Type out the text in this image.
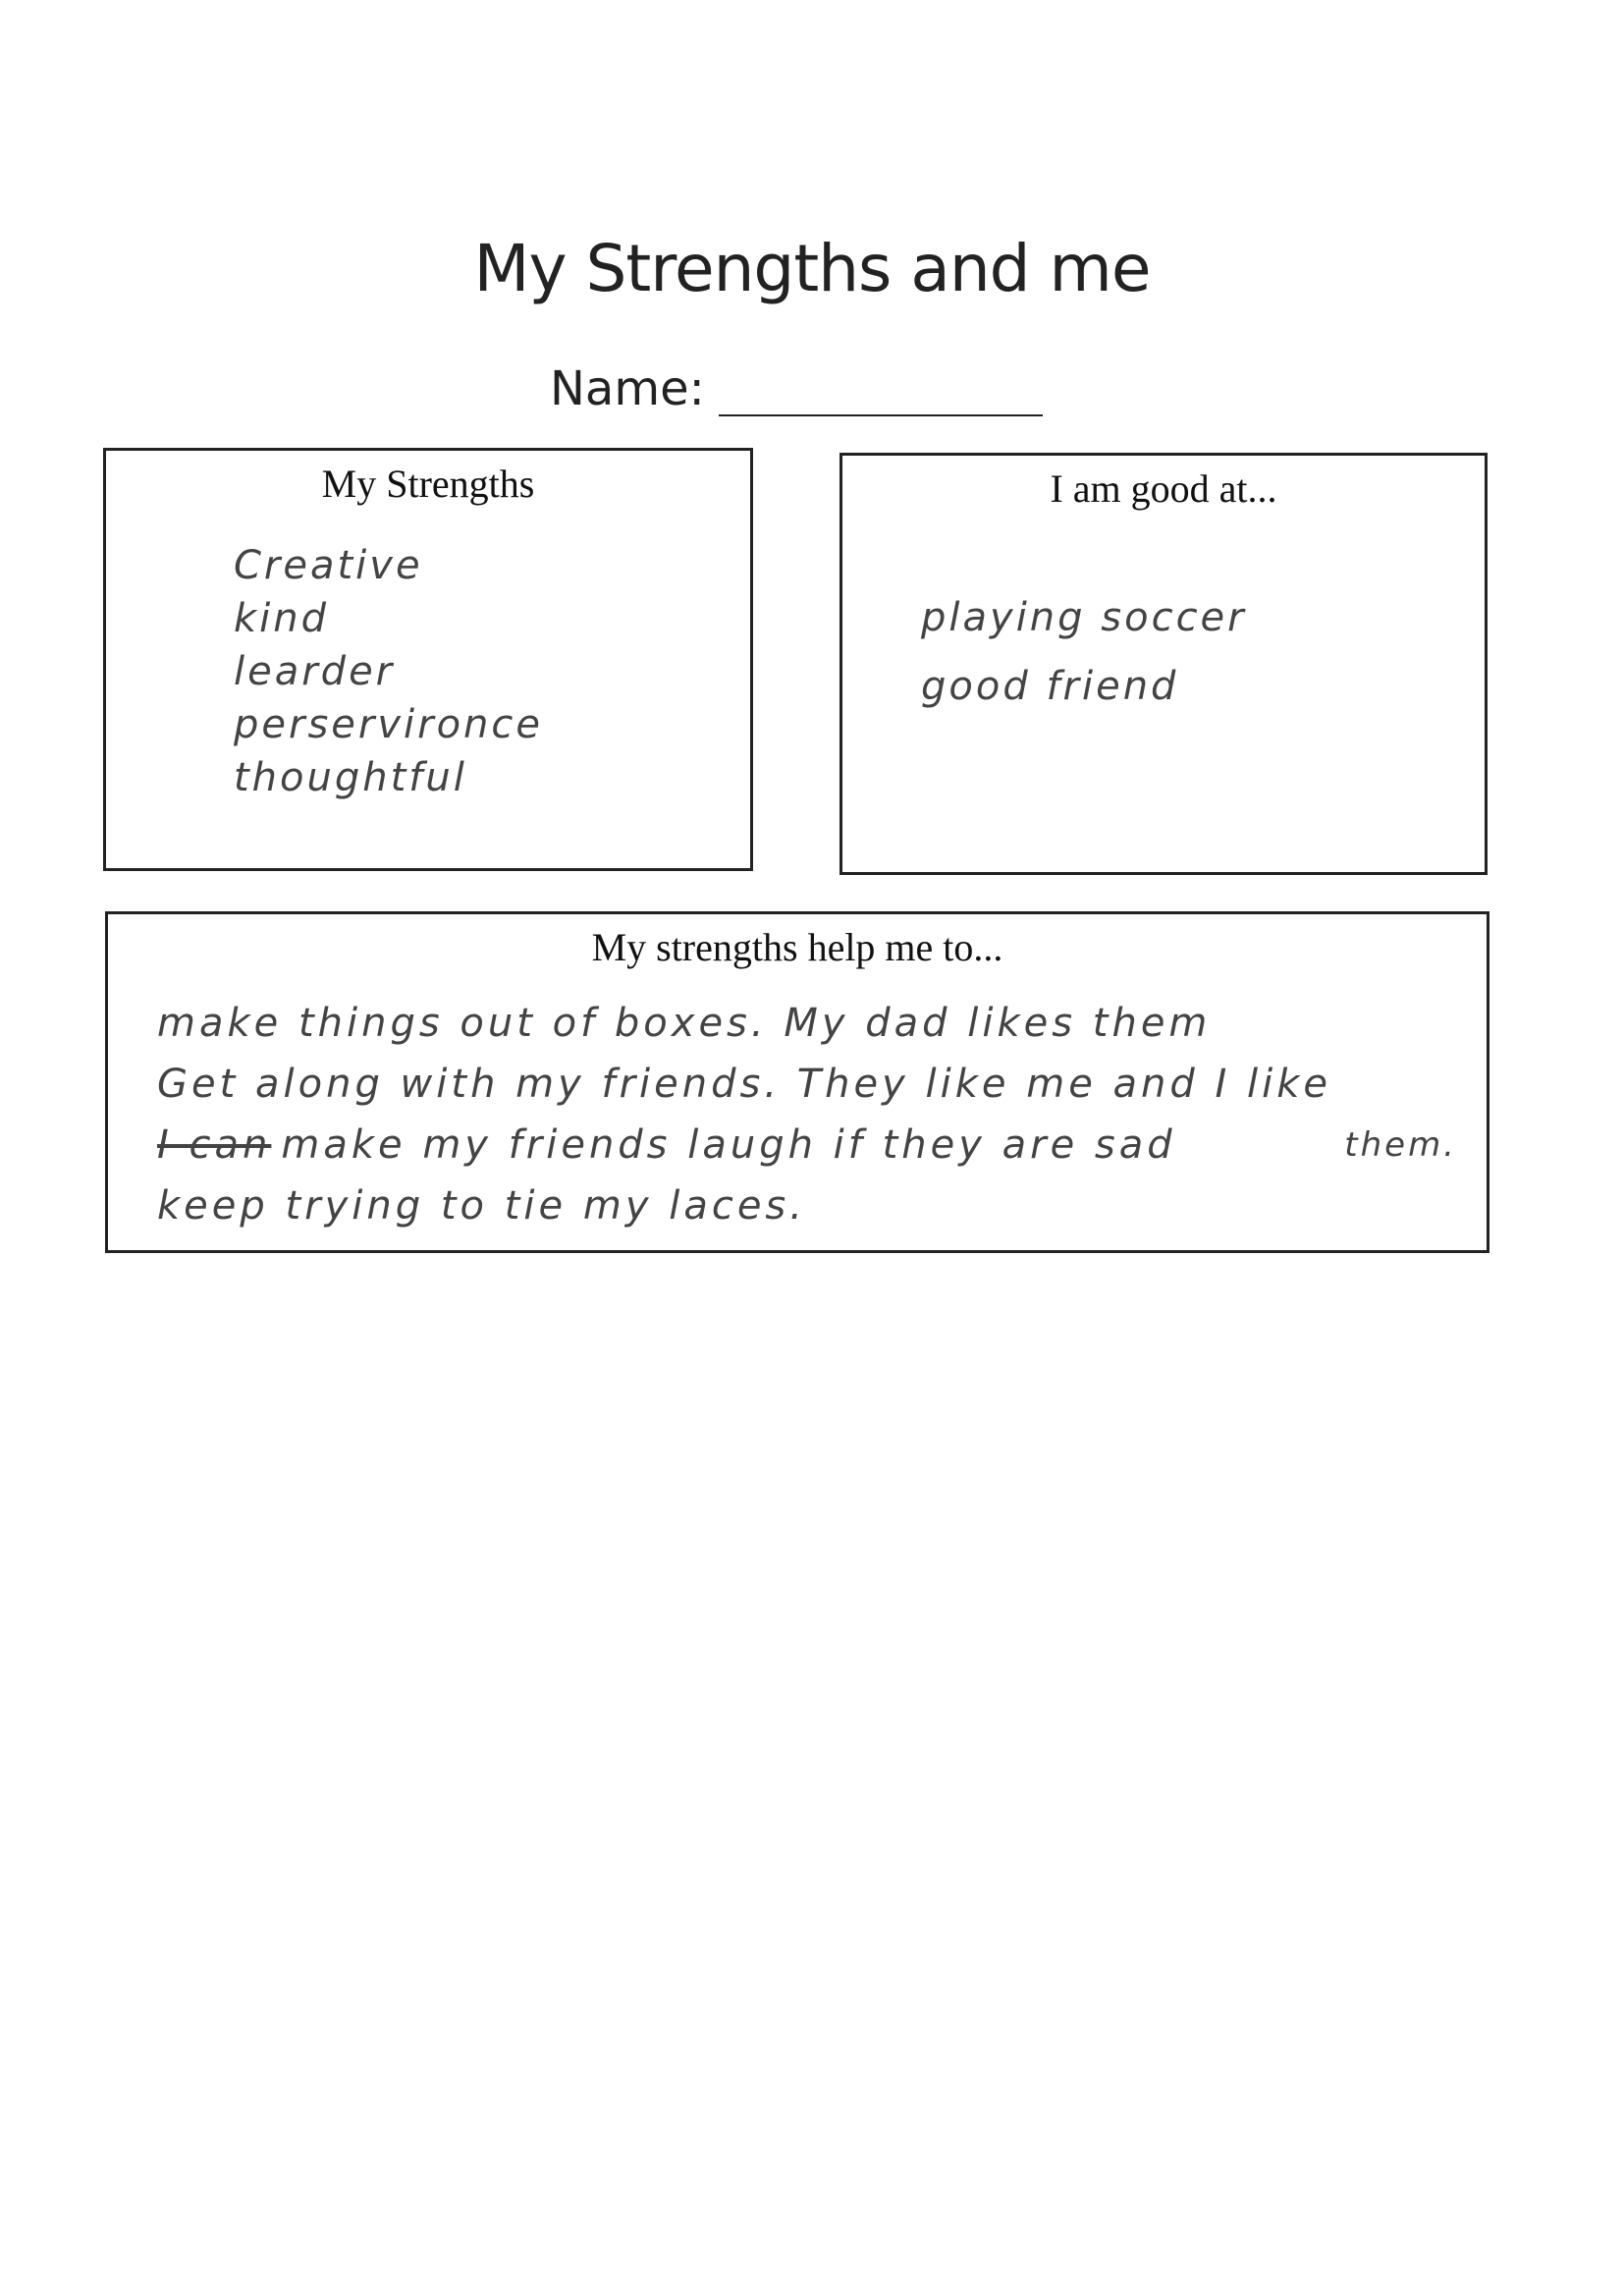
My Strengths and me
Name:
My Strengths
Creative
kind
learder
perservironce
thoughtful
I am good at...
playing soccer
good friend
My strengths help me to...
make things out of boxes. My dad likes them
Get along with my friends. They like me and I like
I can make my friends laugh if they are sad
keep trying to tie my laces.
them.
